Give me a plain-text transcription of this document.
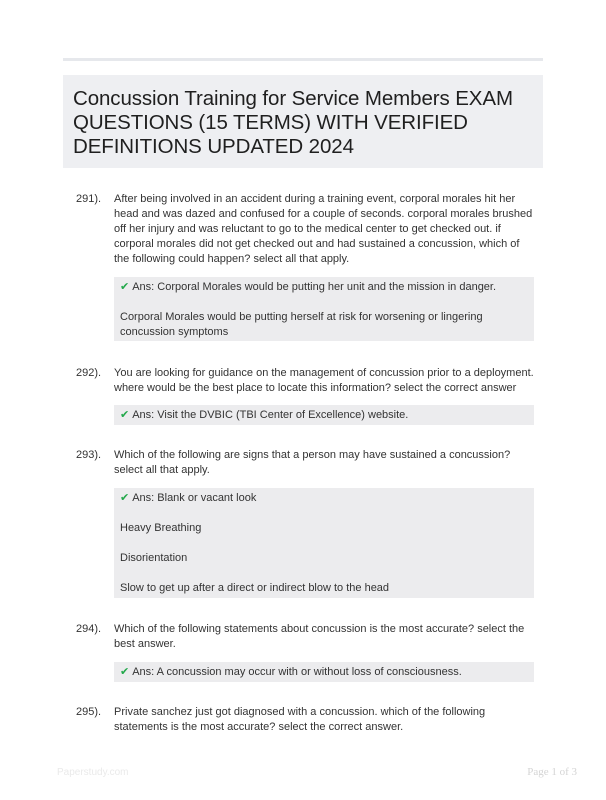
Concussion Training for Service Members EXAM QUESTIONS (15 TERMS) WITH VERIFIED DEFINITIONS UPDATED 2024
291). After being involved in an accident during a training event, corporal morales hit her head and was dazed and confused for a couple of seconds. corporal morales brushed off her injury and was reluctant to go to the medical center to get checked out. if corporal morales did not get checked out and had sustained a concussion, which of the following could happen? select all that apply.

✔ Ans: Corporal Morales would be putting her unit and the mission in danger.

Corporal Morales would be putting herself at risk for worsening or lingering concussion symptoms

292). You are looking for guidance on the management of concussion prior to a deployment. where would be the best place to locate this information? select the correct answer

✔ Ans: Visit the DVBIC (TBI Center of Excellence) website.

293). Which of the following are signs that a person may have sustained a concussion? select all that apply.

✔ Ans: Blank or vacant look

Heavy Breathing

Disorientation

Slow to get up after a direct or indirect blow to the head

294). Which of the following statements about concussion is the most accurate? select the best answer.

✔ Ans: A concussion may occur with or without loss of consciousness.

295). Private sanchez just got diagnosed with a concussion. which of the following statements is the most accurate? select the correct answer.
Paperstudy.com	Page 1 of 3
